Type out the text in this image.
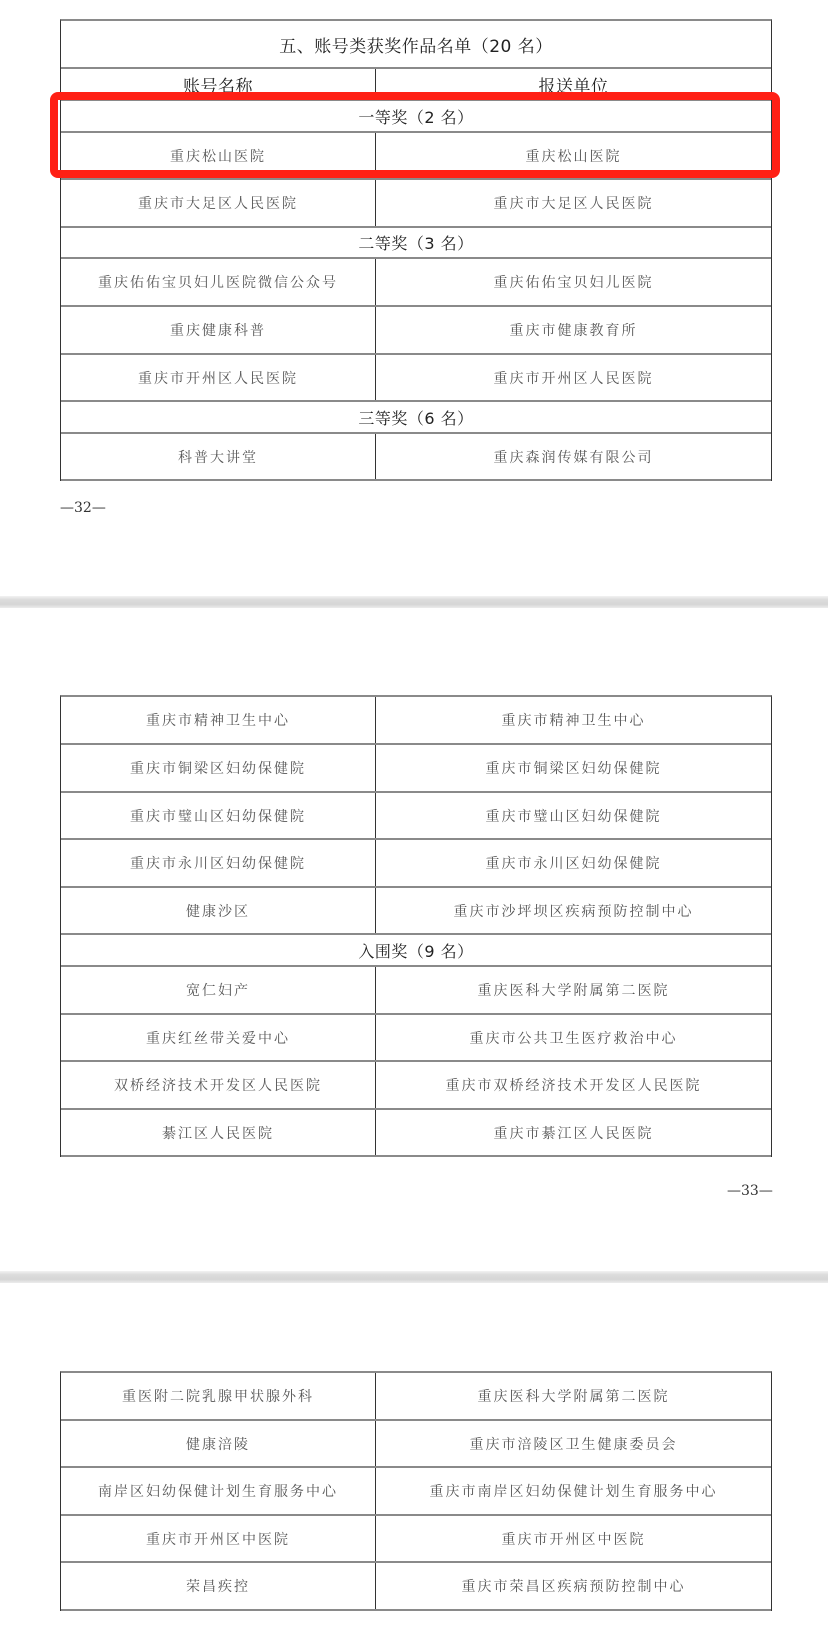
五、账号类获奖作品名单（20 名）
账号名称	报送单位
一等奖（2 名）
重庆松山医院	重庆松山医院
重庆市大足区人民医院	重庆市大足区人民医院
二等奖（3 名）
重庆佑佑宝贝妇儿医院微信公众号	重庆佑佑宝贝妇儿医院
重庆健康科普	重庆市健康教育所
重庆市开州区人民医院	重庆市开州区人民医院
三等奖（6 名）
科普大讲堂	重庆森润传媒有限公司
—32—
重庆市精神卫生中心	重庆市精神卫生中心
重庆市铜梁区妇幼保健院	重庆市铜梁区妇幼保健院
重庆市璧山区妇幼保健院	重庆市璧山区妇幼保健院
重庆市永川区妇幼保健院	重庆市永川区妇幼保健院
健康沙区	重庆市沙坪坝区疾病预防控制中心
入围奖（9 名）
宽仁妇产	重庆医科大学附属第二医院
重庆红丝带关爱中心	重庆市公共卫生医疗救治中心
双桥经济技术开发区人民医院	重庆市双桥经济技术开发区人民医院
綦江区人民医院	重庆市綦江区人民医院
—33—
重医附二院乳腺甲状腺外科	重庆医科大学附属第二医院
健康涪陵	重庆市涪陵区卫生健康委员会
南岸区妇幼保健计划生育服务中心	重庆市南岸区妇幼保健计划生育服务中心
重庆市开州区中医院	重庆市开州区中医院
荣昌疾控	重庆市荣昌区疾病预防控制中心
